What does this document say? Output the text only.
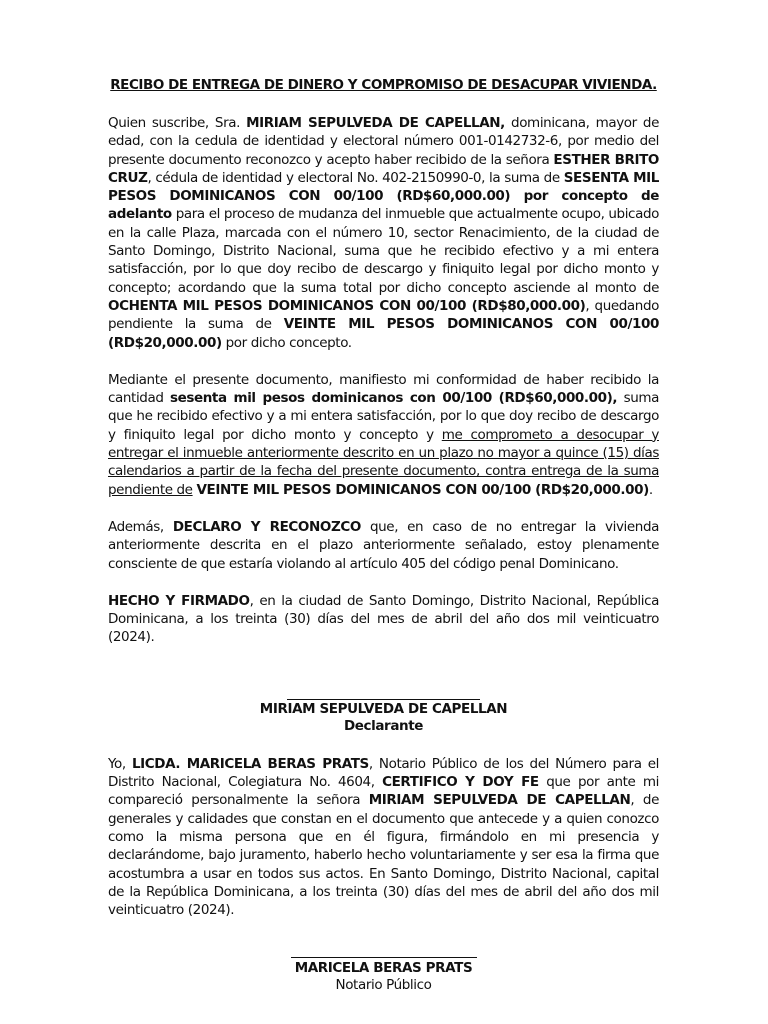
RECIBO DE ENTREGA DE DINERO Y COMPROMISO DE DESACUPAR VIVIENDA.

Quien suscribe, Sra. MIRIAM SEPULVEDA DE CAPELLAN, dominicana, mayor de edad, con la cedula de identidad y electoral número 001-0142732-6, por medio del presente documento reconozco y acepto haber recibido de la señora ESTHER BRITO CRUZ, cédula de identidad y electoral No. 402-2150990-0, la suma de SESENTA MIL PESOS DOMINICANOS CON 00/100 (RD$60,000.00) por concepto de adelanto para el proceso de mudanza del inmueble que actualmente ocupo, ubicado en la calle Plaza, marcada con el número 10, sector Renacimiento, de la ciudad de Santo Domingo, Distrito Nacional, suma que he recibido efectivo y a mi entera satisfacción, por lo que doy recibo de descargo y finiquito legal por dicho monto y concepto; acordando que la suma total por dicho concepto asciende al monto de OCHENTA MIL PESOS DOMINICANOS CON 00/100 (RD$80,000.00), quedando pendiente la suma de VEINTE MIL PESOS DOMINICANOS CON 00/100 (RD$20,000.00) por dicho concepto.

Mediante el presente documento, manifiesto mi conformidad de haber recibido la cantidad sesenta mil pesos dominicanos con 00/100 (RD$60,000.00), suma que he recibido efectivo y a mi entera satisfacción, por lo que doy recibo de descargo y finiquito legal por dicho monto y concepto y me comprometo a desocupar y entregar el inmueble anteriormente descrito en un plazo no mayor a quince (15) días calendarios a partir de la fecha del presente documento, contra entrega de la suma pendiente de VEINTE MIL PESOS DOMINICANOS CON 00/100 (RD$20,000.00).

Además, DECLARO Y RECONOZCO que, en caso de no entregar la vivienda anteriormente descrita en el plazo anteriormente señalado, estoy plenamente consciente de que estaría violando al artículo 405 del código penal Dominicano.

HECHO Y FIRMADO, en la ciudad de Santo Domingo, Distrito Nacional, República Dominicana, a los treinta (30) días del mes de abril del año dos mil veinticuatro (2024).

MIRIAM SEPULVEDA DE CAPELLAN
Declarante

Yo, LICDA. MARICELA BERAS PRATS, Notario Público de los del Número para el Distrito Nacional, Colegiatura No. 4604, CERTIFICO Y DOY FE que por ante mi compareció personalmente la señora MIRIAM SEPULVEDA DE CAPELLAN, de generales y calidades que constan en el documento que antecede y a quien conozco como la misma persona que en él figura, firmándolo en mi presencia y declarándome, bajo juramento, haberlo hecho voluntariamente y ser esa la firma que acostumbra a usar en todos sus actos. En Santo Domingo, Distrito Nacional, capital de la República Dominicana, a los treinta (30) días del mes de abril del año dos mil veinticuatro (2024).

MARICELA BERAS PRATS
Notario Público
